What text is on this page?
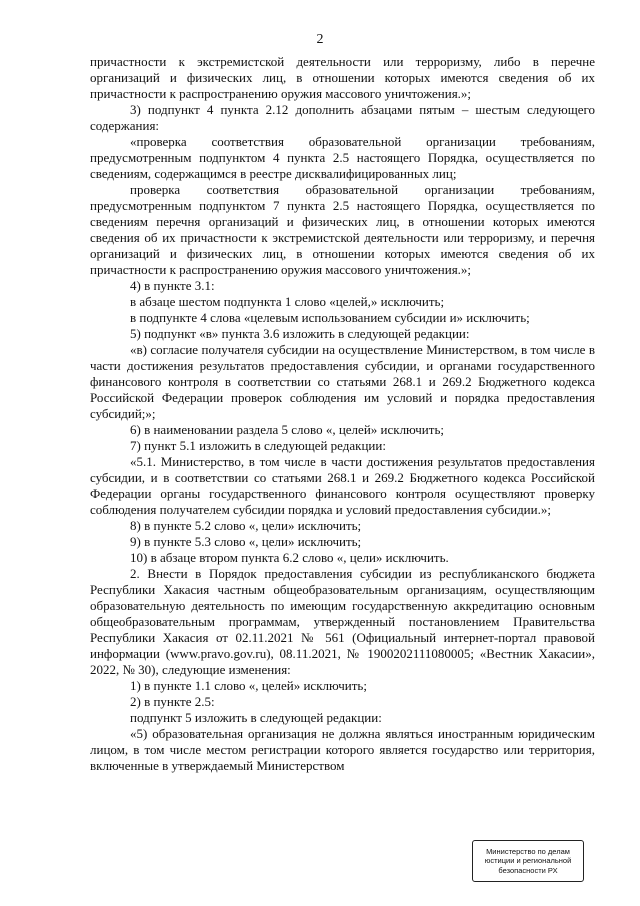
2

причастности к экстремистской деятельности или терроризму, либо в перечне организаций и физических лиц, в отношении которых имеются сведения об их причастности к распространению оружия массового уничтожения.»;

3) подпункт 4 пункта 2.12 дополнить абзацами пятым – шестым следующего содержания:

«проверка соответствия образовательной организации требованиям, предусмотренным подпунктом 4 пункта 2.5 настоящего Порядка, осуществляется по сведениям, содержащимся в реестре дисквалифицированных лиц;

проверка соответствия образовательной организации требованиям, предусмотренным подпунктом 7 пункта 2.5 настоящего Порядка, осуществляется по сведениям перечня организаций и физических лиц, в отношении которых имеются сведения об их причастности к экстремистской деятельности или терроризму, и перечня организаций и физических лиц, в отношении которых имеются сведения об их причастности к распространению оружия массового уничтожения.»;

4) в пункте 3.1:

в абзаце шестом подпункта 1 слово «целей,» исключить;

в подпункте 4 слова «целевым использованием субсидии и» исключить;

5) подпункт «в» пункта 3.6 изложить в следующей редакции:

«в) согласие получателя субсидии на осуществление Министерством, в том числе в части достижения результатов предоставления субсидии, и органами государственного финансового контроля в соответствии со статьями 268.1 и 269.2 Бюджетного кодекса Российской Федерации проверок соблюдения им условий и порядка предоставления субсидий;»;

6) в наименовании раздела 5 слово «, целей» исключить;

7) пункт 5.1 изложить в следующей редакции:

«5.1. Министерство, в том числе в части достижения результатов предоставления субсидии, и в соответствии со статьями 268.1 и 269.2 Бюджетного кодекса Российской Федерации органы государственного финансового контроля осуществляют проверку соблюдения получателем субсидии порядка и условий предоставления субсидии.»;

8) в пункте 5.2 слово «, цели» исключить;

9) в пункте 5.3 слово «, цели» исключить;

10) в абзаце втором пункта 6.2 слово «, цели» исключить.

2. Внести в Порядок предоставления субсидии из республиканского бюджета Республики Хакасия частным общеобразовательным организациям, осуществляющим образовательную деятельность по имеющим государственную аккредитацию основным общеобразовательным программам, утвержденный постановлением Правительства Республики Хакасия от 02.11.2021 № 561 (Официальный интернет-портал правовой информации (www.pravo.gov.ru), 08.11.2021, № 1900202111080005; «Вестник Хакасии», 2022, № 30), следующие изменения:

1) в пункте 1.1 слово «, целей» исключить;

2) в пункте 2.5:

подпункт 5 изложить в следующей редакции:

«5) образовательная организация не должна являться иностранным юридическим лицом, в том числе местом регистрации которого является государство или территория, включенные в утверждаемый Министерством

Министерство по делам
юстиции и региональной
безопасности РХ
